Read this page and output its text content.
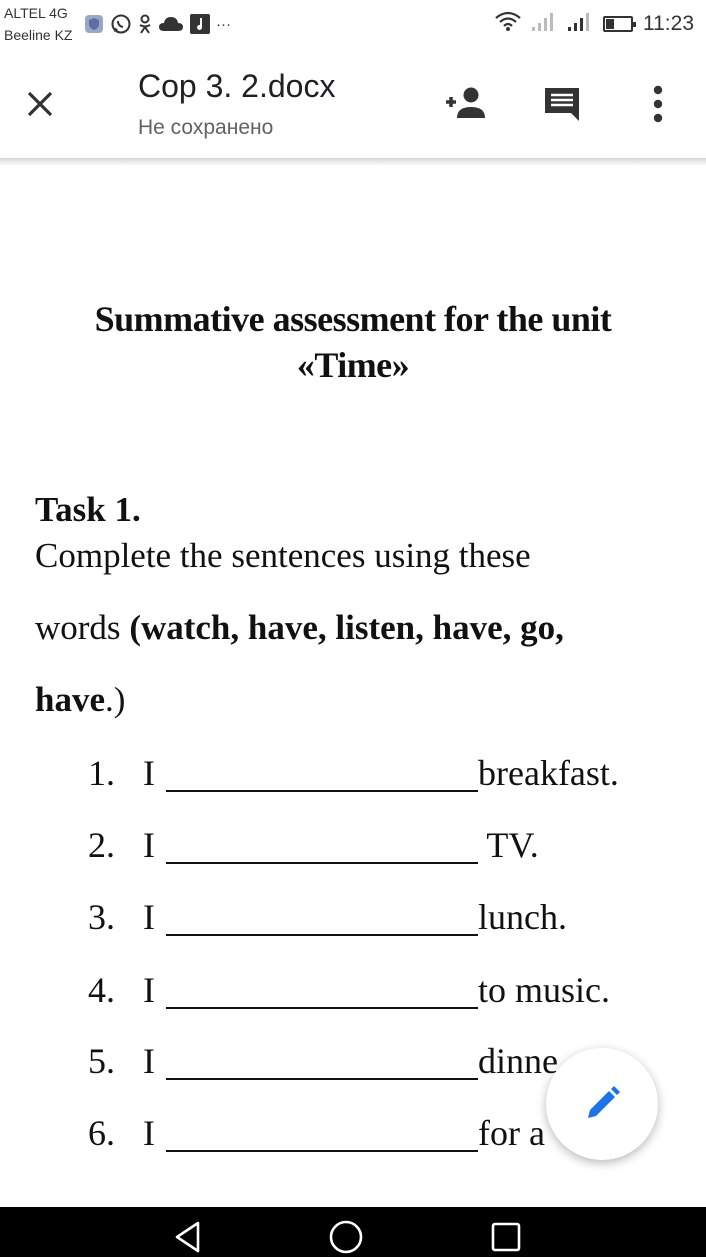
ALTEL 4G
Beeline KZ
···	11:23
Сор 3. 2.docx
Не сохранено
Summative assessment for the unit
«Time»
Task 1.
Complete the sentences using these
words (watch, have, listen, have, go,
have.)
1. I	breakfast.
2. I	TV.
3. I	lunch.
4. I	to music.
5. I	dinne
6. I	for a
